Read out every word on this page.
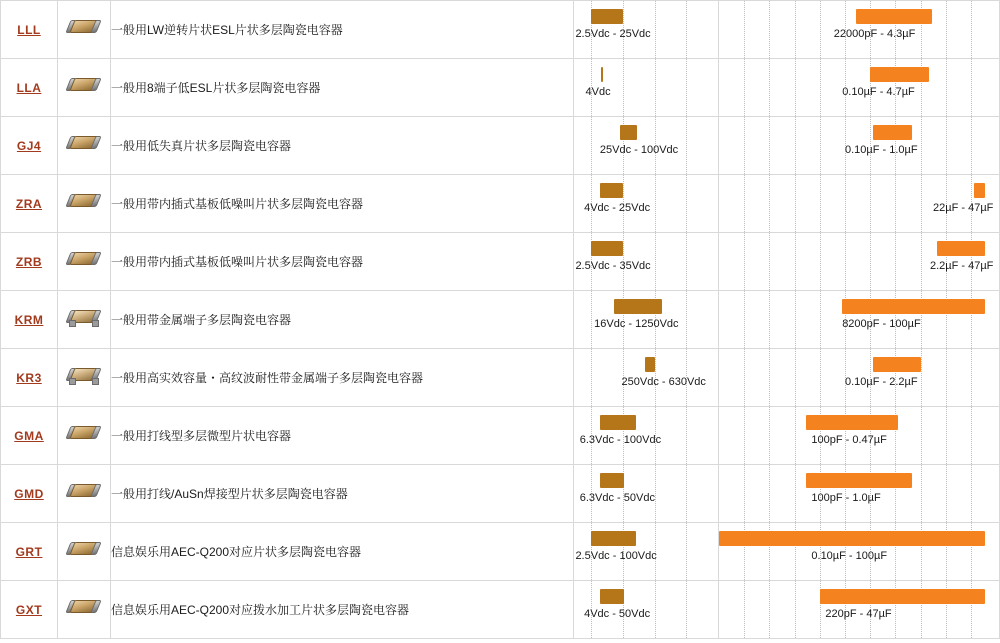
LLL		一般用LW逆转片状ESL片状多层陶瓷电容器	2.5Vdc - 25Vdc	22000pF - 4.3µF

LLA		一般用8端子低ESL片状多层陶瓷电容器	4Vdc	0.10µF - 4.7µF

GJ4		一般用低失真片状多层陶瓷电容器	25Vdc - 100Vdc	0.10µF - 1.0µF

ZRA		一般用带内插式基板低噪叫片状多层陶瓷电容器	4Vdc - 25Vdc	22µF - 47µF

ZRB		一般用带内插式基板低噪叫片状多层陶瓷电容器	2.5Vdc - 35Vdc	2.2µF - 47µF

KRM		一般用带金属端子多层陶瓷电容器	16Vdc - 1250Vdc	8200pF - 100µF

KR3		一般用高实效容量・高纹波耐性带金属端子多层陶瓷电容器	250Vdc - 630Vdc	0.10µF - 2.2µF

GMA		一般用打线型多层微型片状电容器	6.3Vdc - 100Vdc	100pF - 0.47µF

GMD		一般用打线/AuSn焊接型片状多层陶瓷电容器	6.3Vdc - 50Vdc	100pF - 1.0µF

GRT		信息娱乐用AEC-Q200对应片状多层陶瓷电容器	2.5Vdc - 100Vdc	0.10µF - 100µF

GXT		信息娱乐用AEC-Q200对应拨水加工片状多层陶瓷电容器	4Vdc - 50Vdc	220pF - 47µF
